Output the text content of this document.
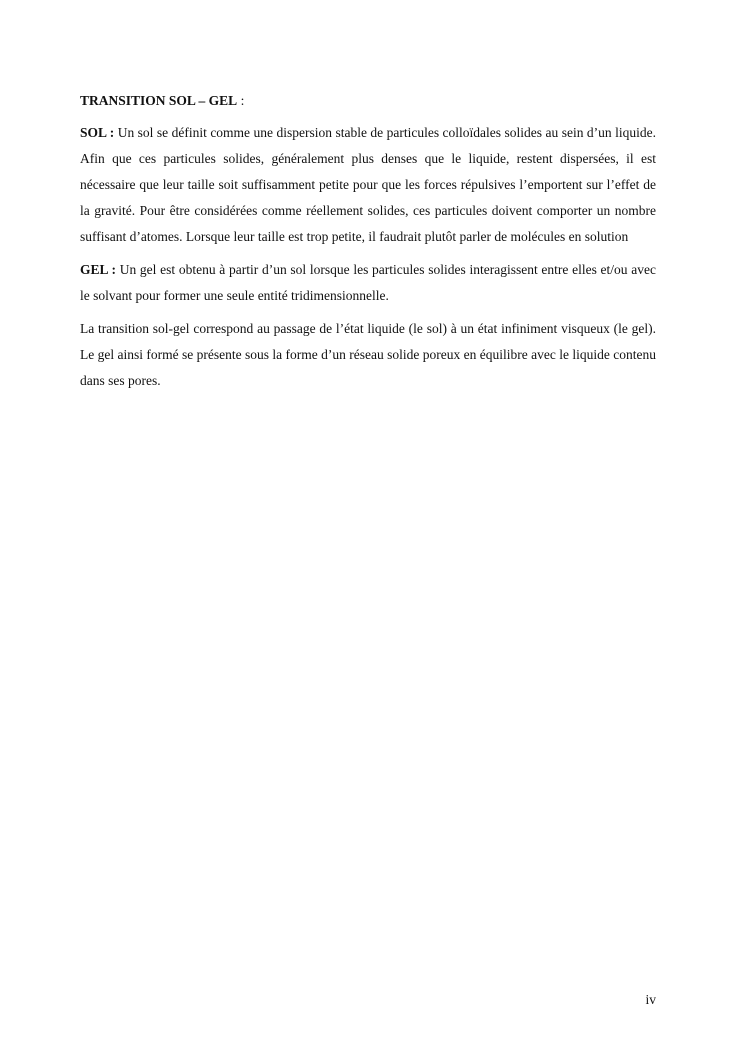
TRANSITION SOL – GEL :

SOL : Un sol se définit comme une dispersion stable de particules colloïdales solides au sein d’un liquide. Afin que ces particules solides, généralement plus denses que le liquide, restent dispersées, il est nécessaire que leur taille soit suffisamment petite pour que les forces répulsives l’emportent sur l’effet de la gravité. Pour être considérées comme réellement solides, ces particules doivent comporter un nombre suffisant d’atomes. Lorsque leur taille est trop petite, il faudrait plutôt parler de molécules en solution

GEL : Un gel est obtenu à partir d’un sol lorsque les particules solides interagissent entre elles et/ou avec le solvant pour former une seule entité tridimensionnelle.

La transition sol-gel correspond au passage de l’état liquide (le sol) à un état infiniment visqueux (le gel). Le gel ainsi formé se présente sous la forme d’un réseau solide poreux en équilibre avec le liquide contenu dans ses pores.

iv
